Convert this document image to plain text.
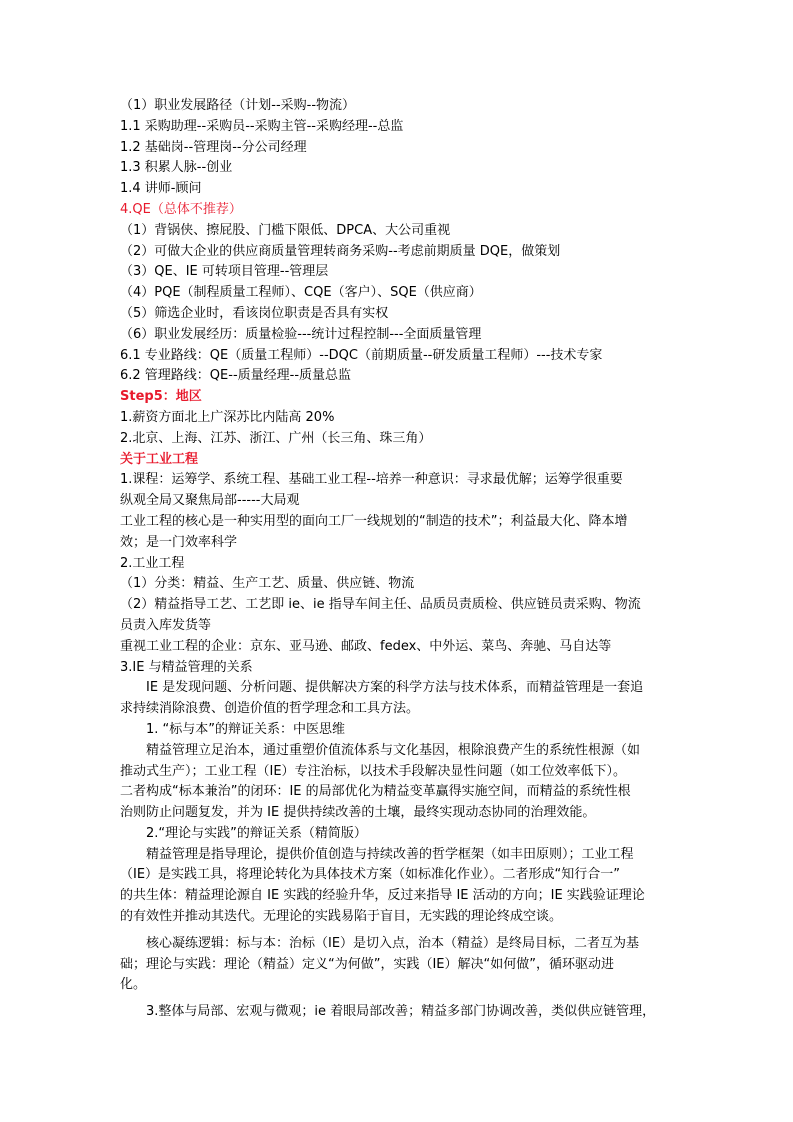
（1）职业发展路径（计划--采购--物流）
1.1 采购助理--采购员--采购主管--采购经理--总监
1.2 基础岗--管理岗--分公司经理
1.3 积累人脉--创业
1.4 讲师-顾问
4.QE（总体不推荐）
（1）背锅侠、擦屁股、门槛下限低、DPCA、大公司重视
（2）可做大企业的供应商质量管理转商务采购--考虑前期质量 DQE，做策划
（3）QE、IE 可转项目管理--管理层
（4）PQE（制程质量工程师）、CQE（客户）、SQE（供应商）
（5）筛选企业时，看该岗位职责是否具有实权
（6）职业发展经历：质量检验---统计过程控制---全面质量管理
6.1 专业路线：QE（质量工程师）--DQC（前期质量--研发质量工程师）---技术专家
6.2 管理路线：QE--质量经理--质量总监
Step5：地区
1.薪资方面北上广深苏比内陆高 20%
2.北京、上海、江苏、浙江、广州（长三角、珠三角）
关于工业工程
1.课程：运筹学、系统工程、基础工业工程--培养一种意识：寻求最优解；运筹学很重要
纵观全局又聚焦局部-----大局观
工业工程的核心是一种实用型的面向工厂一线规划的“制造的技术”；利益最大化、降本增
效；是一门效率科学
2.工业工程
（1）分类：精益、生产工艺、质量、供应链、物流
（2）精益指导工艺、工艺即 ie、ie 指导车间主任、品质员责质检、供应链员责采购、物流
员责入库发货等
重视工业工程的企业：京东、亚马逊、邮政、fedex、中外运、菜鸟、奔驰、马自达等
3.IE 与精益管理的关系
IE 是发现问题、分析问题、提供解决方案的科学方法与技术体系，而精益管理是一套追
求持续消除浪费、创造价值的哲学理念和工具方法。
1. “标与本”的辩证关系：中医思维
精益管理立足治本，通过重塑价值流体系与文化基因，根除浪费产生的系统性根源（如
推动式生产）；工业工程（IE）专注治标，以技术手段解决显性问题（如工位效率低下）。
二者构成“标本兼治”的闭环：IE 的局部优化为精益变革赢得实施空间，而精益的系统性根
治则防止问题复发，并为 IE 提供持续改善的土壤，最终实现动态协同的治理效能。
2.“理论与实践”的辩证关系（精简版）
精益管理是指导理论，提供价值创造与持续改善的哲学框架（如丰田原则）；工业工程
（IE）是实践工具，将理论转化为具体技术方案（如标准化作业）。二者形成“知行合一”
的共生体：精益理论源自 IE 实践的经验升华，反过来指导 IE 活动的方向；IE 实践验证理论
的有效性并推动其迭代。无理论的实践易陷于盲目，无实践的理论终成空谈。
核心凝练逻辑：标与本：治标（IE）是切入点，治本（精益）是终局目标，二者互为基
础；理论与实践：理论（精益）定义“为何做”，实践（IE）解决“如何做”，循环驱动进
化。
3.整体与局部、宏观与微观；ie 着眼局部改善；精益多部门协调改善，类似供应链管理，
